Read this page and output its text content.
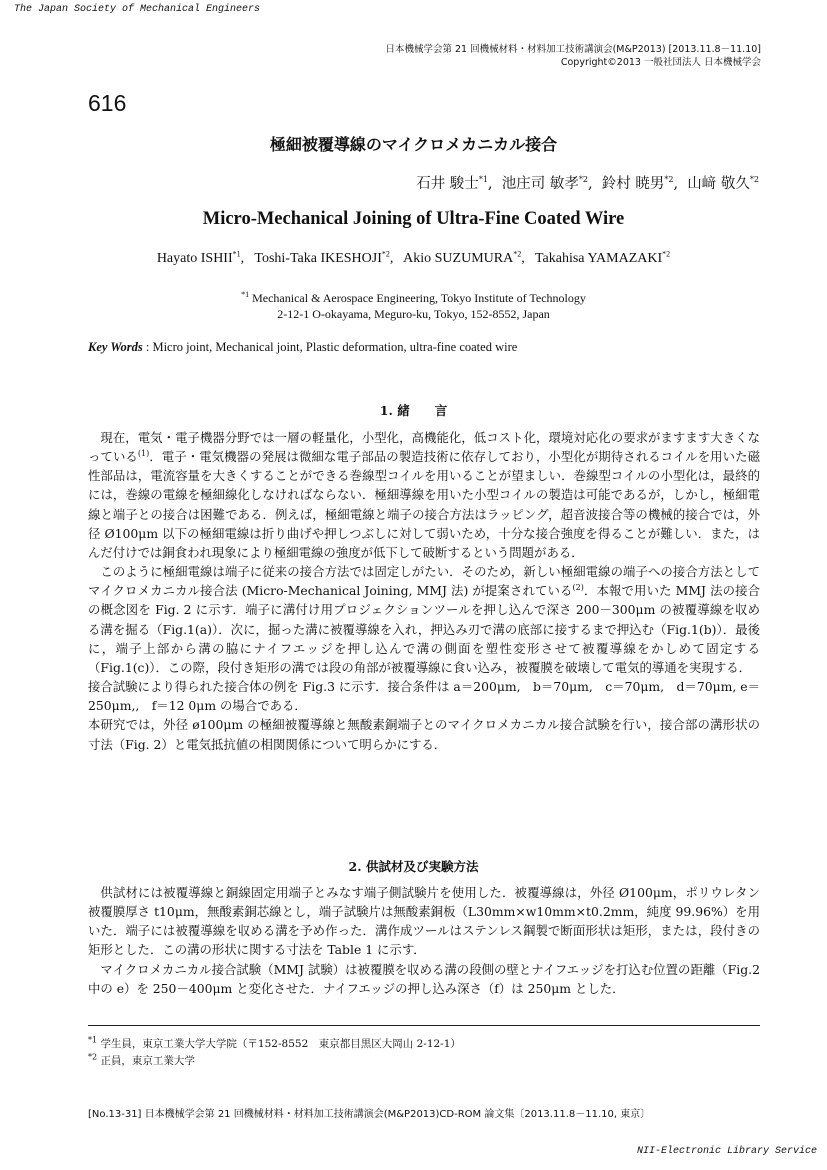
The Japan Society of Mechanical Engineers
日本機械学会第 21 回機械材料・材料加工技術講演会(M&P2013) [2013.11.8－11.10]
Copyright©2013 一般社団法人 日本機械学会
616
極細被覆導線のマイクロメカニカル接合
石井 駿士$^{*1}$,  池庄司 敏孝$^{*2}$,  鈴村 暁男$^{*2}$,  山﨑 敬久$^{*2}$
Micro-Mechanical Joining of Ultra-Fine Coated Wire
Hayato ISHII$^{*1}$,   Toshi-Taka IKESHOJI$^{*2}$,   Akio SUZUMURA$^{*2}$,   Takahisa YAMAZAKI$^{*2}$
$^{*1}$ Mechanical & Aerospace Engineering, Tokyo Institute of Technology
2-12-1 O-okayama, Meguro-ku, Tokyo, 152-8552, Japan
Key Words : Micro joint, Mechanical joint, Plastic deformation, ultra-fine coated wire
1. 緒　　言

現在，電気・電子機器分野では一層の軽量化，小型化，高機能化，低コスト化，環境対応化の要求がますます大きくなっている$^{(1)}$．電子・電気機器の発展は微細な電子部品の製造技術に依存しており，小型化が期待されるコイルを用いた磁性部品は，電流容量を大きくすることができる巻線型コイルを用いることが望ましい．巻線型コイルの小型化は，最終的には，巻線の電線を極細線化しなければならない．極細導線を用いた小型コイルの製造は可能であるが，しかし，極細電線と端子との接合は困難である．例えば，極細電線と端子の接合方法はラッピング，超音波接合等の機械的接合では，外径 Ø100μm 以下の極細電線は折り曲げや押しつぶしに対して弱いため，十分な接合強度を得ることが難しい．また，はんだ付けでは銅食われ現象により極細電線の強度が低下して破断するという問題がある．

このように極細電線は端子に従来の接合方法では固定しがたい．そのため，新しい極細電線の端子への接合方法としてマイクロメカニカル接合法 (Micro-Mechanical Joining, MMJ 法) が提案されている$^{(2)}$．本報で用いた MMJ 法の接合の概念図を Fig. 2 に示す．端子に溝付け用プロジェクションツールを押し込んで深さ 200－300μm の被覆導線を収める溝を掘る（Fig.1(a)）．次に，掘った溝に被覆導線を入れ，押込み刃で溝の底部に接するまで押込む（Fig.1(b)）．最後に，端子上部から溝の脇にナイフエッジを押し込んで溝の側面を塑性変形させて被覆導線をかしめて固定する（Fig.1(c)）．この際，段付き矩形の溝では段の角部が被覆導線に食い込み，被覆膜を破壊して電気的導通を実現する．

接合試験により得られた接合体の例を Fig.3 に示す．接合条件は a＝200μm,　b＝70μm,　c＝70μm,　d＝70μm, e＝250μm,,　f＝12 0μm の場合である．

本研究では，外径 ø100μm の極細被覆導線と無酸素銅端子とのマイクロメカニカル接合試験を行い，接合部の溝形状の寸法（Fig. 2）と電気抵抗値の相関関係について明らかにする．

2. 供試材及び実験方法

供試材には被覆導線と銅線固定用端子とみなす端子側試験片を使用した．被覆導線は，外径 Ø100μm，ポリウレタン被覆膜厚さ t10μm，無酸素銅芯線とし，端子試験片は無酸素銅板（L30mm×w10mm×t0.2mm，純度 99.96%）を用いた．端子には被覆導線を収める溝を予め作った．溝作成ツールはステンレス鋼製で断面形状は矩形，または，段付きの矩形とした．この溝の形状に関する寸法を Table 1 に示す．

マイクロメカニカル接合試験（MMJ 試験）は被覆膜を収める溝の段側の壁とナイフエッジを打込む位置の距離（Fig.2 中の e）を 250－400μm と変化させた．ナイフエッジの押し込み深さ（f）は 250μm とした．

$^{*1}$ 学生員，東京工業大学大学院（〒152-8552　東京都目黒区大岡山 2-12-1）
$^{*2}$ 正員，東京工業大学
[No.13-31] 日本機械学会第 21 回機械材料・材料加工技術講演会(M&P2013)CD-ROM 論文集〔2013.11.8－11.10, 東京〕
NII-Electronic Library Service
